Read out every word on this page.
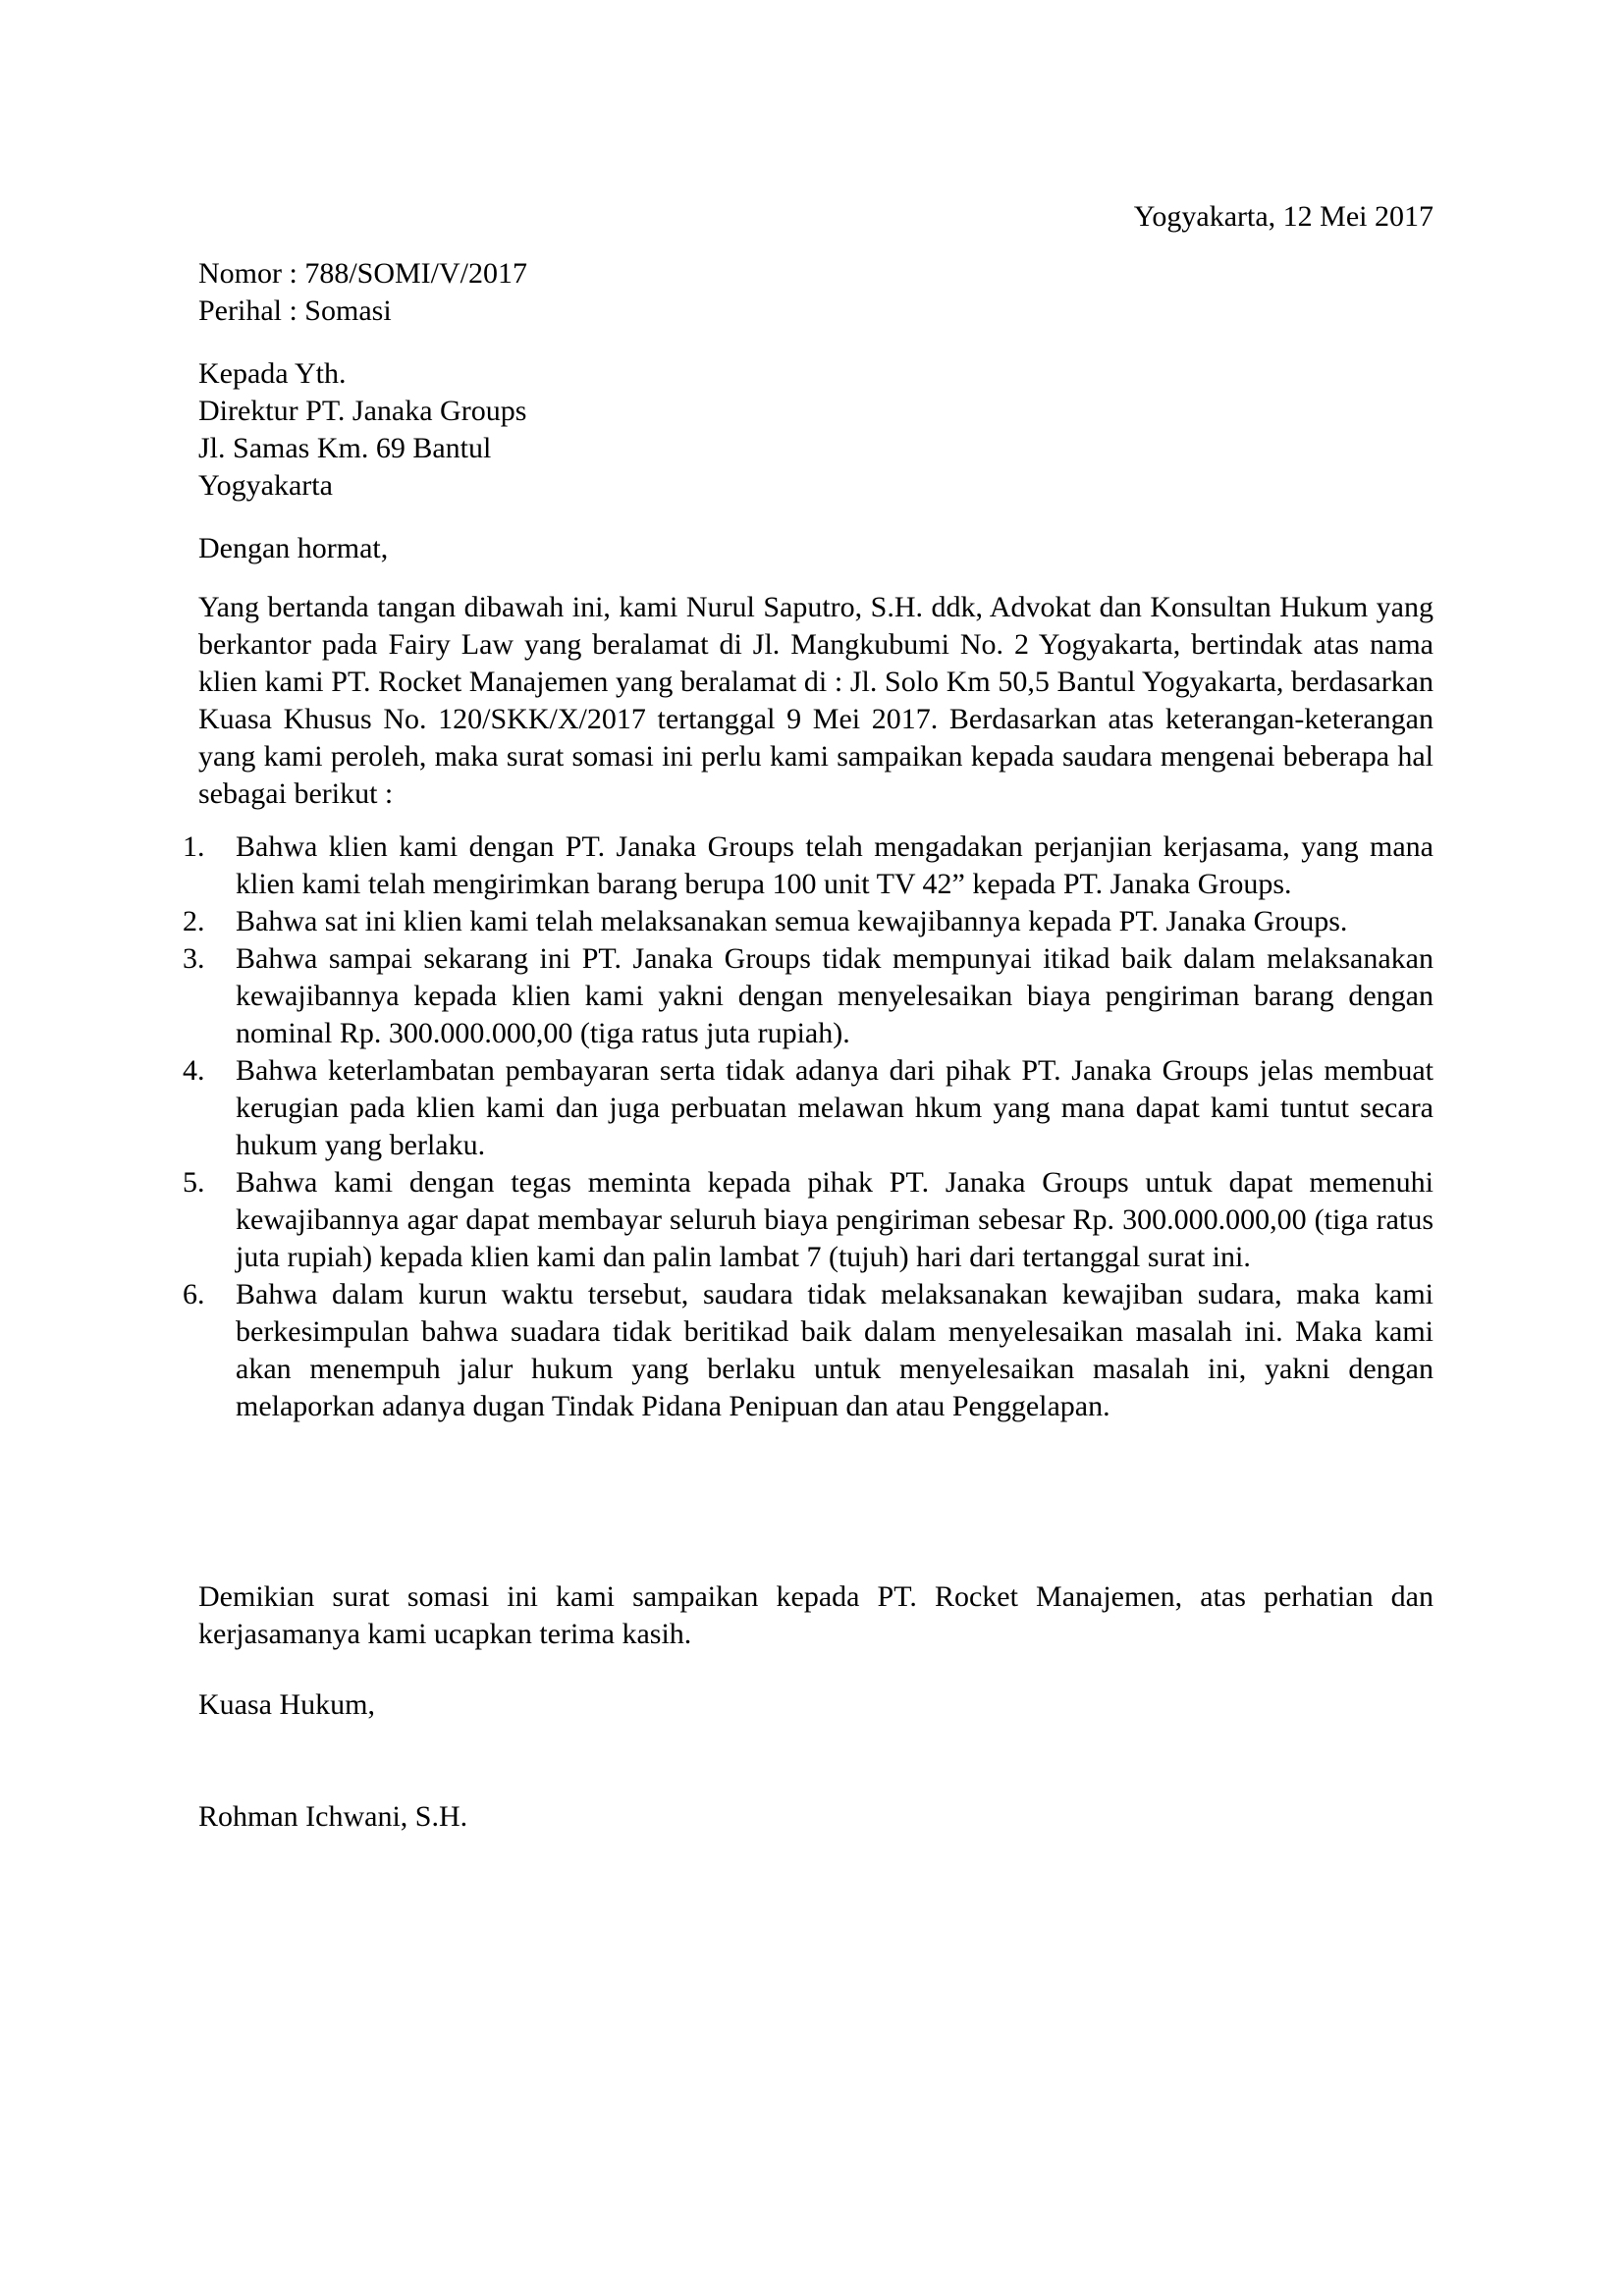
Yogyakarta, 12 Mei 2017
Nomor : 788/SOMI/V/2017
Perihal : Somasi
Kepada Yth.
Direktur PT. Janaka Groups
Jl. Samas Km. 69 Bantul
Yogyakarta
Dengan hormat,
Yang bertanda tangan dibawah ini, kami Nurul Saputro, S.H. ddk, Advokat dan Konsultan Hukum yang berkantor pada Fairy Law yang beralamat di Jl. Mangkubumi No. 2 Yogyakarta, bertindak atas nama klien kami PT. Rocket Manajemen yang beralamat di : Jl. Solo Km 50,5 Bantul Yogyakarta, berdasarkan Kuasa Khusus No. 120/SKK/X/2017 tertanggal 9 Mei 2017. Berdasarkan atas keterangan-keterangan yang kami peroleh, maka surat somasi ini perlu kami sampaikan kepada saudara mengenai beberapa hal sebagai berikut :
1.	Bahwa klien kami dengan PT. Janaka Groups telah mengadakan perjanjian kerjasama, yang mana klien kami telah mengirimkan barang berupa 100 unit TV 42” kepada PT. Janaka Groups.
2.	Bahwa sat ini klien kami telah melaksanakan semua kewajibannya kepada PT. Janaka Groups.
3.	Bahwa sampai sekarang ini PT. Janaka Groups tidak mempunyai itikad baik dalam melaksanakan kewajibannya kepada klien kami yakni dengan menyelesaikan biaya pengiriman barang dengan nominal Rp. 300.000.000,00 (tiga ratus juta rupiah).
4.	Bahwa keterlambatan pembayaran serta tidak adanya dari pihak PT. Janaka Groups jelas membuat kerugian pada klien kami dan juga perbuatan melawan hkum yang mana dapat kami tuntut secara hukum yang berlaku.
5.	Bahwa kami dengan tegas meminta kepada pihak PT. Janaka Groups untuk dapat memenuhi kewajibannya agar dapat membayar seluruh biaya pengiriman sebesar Rp. 300.000.000,00 (tiga ratus juta rupiah) kepada klien kami dan palin lambat 7 (tujuh) hari dari tertanggal surat ini.
6.	Bahwa dalam kurun waktu tersebut, saudara tidak melaksanakan kewajiban sudara, maka kami berkesimpulan bahwa suadara tidak beritikad baik dalam menyelesaikan masalah ini. Maka kami akan menempuh jalur hukum yang berlaku untuk menyelesaikan masalah ini, yakni dengan melaporkan adanya dugan Tindak Pidana Penipuan dan atau Penggelapan.
Demikian surat somasi ini kami sampaikan kepada PT. Rocket Manajemen, atas perhatian dan kerjasamanya kami ucapkan terima kasih.
Kuasa Hukum,
Rohman Ichwani, S.H.
